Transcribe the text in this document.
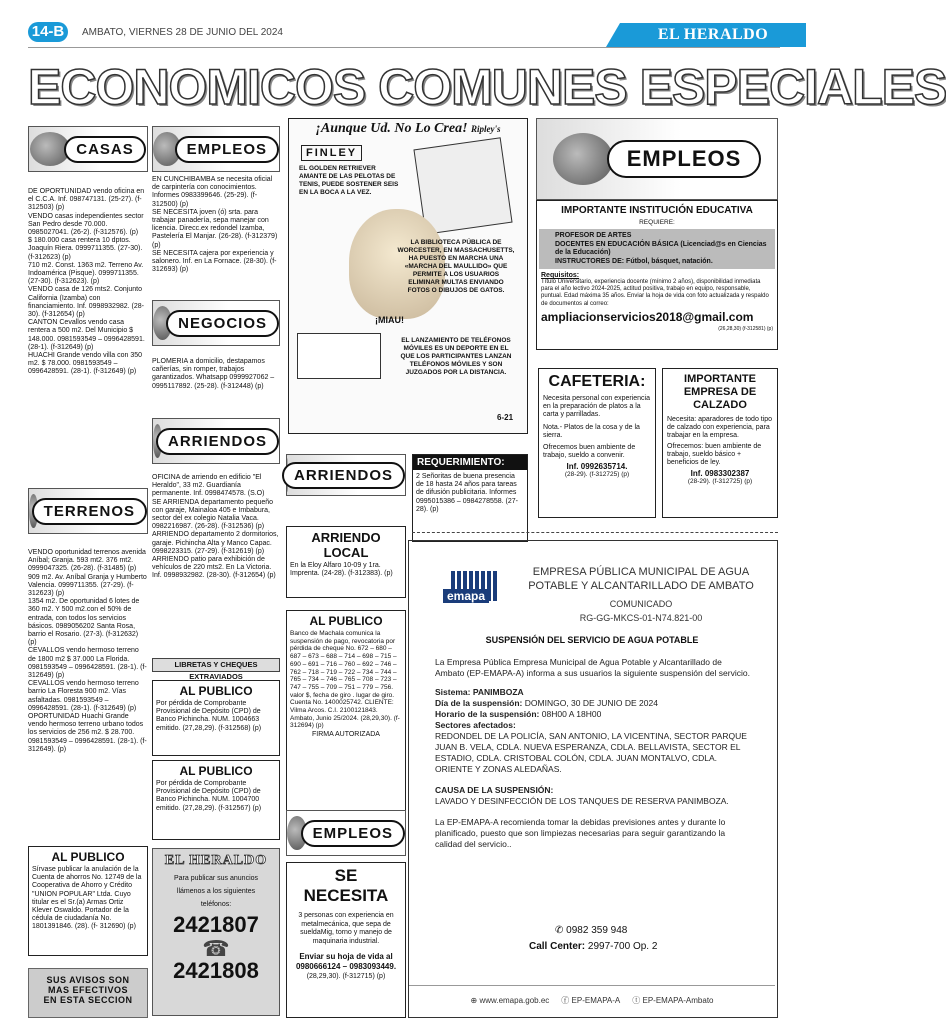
14-B	AMBATO, VIERNES 28 DE JUNIO DEL 2024	EL HERALDO
ECONOMICOS COMUNES ESPECIALES
CASAS
DE OPORTUNIDAD vendo oficina en el C.C.A. Inf. 098747131. (25-27). (f-312503) (p)
VENDO casas independientes sector San Pedro desde 70.000. 0985027041. (26-2). (f-312576). (p)
$ 180.000 casa rentera 10 dptos. Joaquín Riera. 0999711355. (27-30). (f-312623) (p)
710 m2. Const. 1363 m2. Terreno Av. Indoamérica (Pisque). 0999711355. (27-30). (f-312623). (p)
VENDO casa de 126 mts2. Conjunto California (Izamba) con financiamiento. Inf. 0998932982. (28-30). (f-312654) (p)
CANTON Cevallos vendo casa rentera a 500 m2. Del Municipio $ 148.000. 0981593549 – 0996428591. (28-1). (f-312649) (p)
HUACHI Grande vendo villa con 350 m2. $ 78.000. 0981593549 – 0996428591. (28-1). (f-312649) (p)
TERRENOS
VENDO oportunidad terrenos avenida Aníbal; Granja. 593 mt2. 376 mt2. 0999047325. (26-28). (f-31485) (p)
909 m2. Av. Aníbal Granja y Humberto Valencia. 0999711355. (27-29). (f-312623) (p)
1354 m2. De oportunidad 6 lotes de 360 m2. Y 500 m2.con el 50% de entrada, con todos los servicios básicos. 0989056202 Santa Rosa, barrio el Rosario. (27-3). (f-312632) (p)
CEVALLOS vendo hermoso terreno de 1800 m2 $ 37.000 La Florida. 0981593549 – 0996428591. (28-1). (f-312649) (p)
CEVALLOS vendo hermoso terreno barrio La Floresta 900 m2. Vías asfaltadas. 0981593549 – 0996428591. (28-1). (f-312649) (p)
OPORTUNIDAD Huachi Grande vendo hermoso terreno urbano todos los servicios de 256 m2. $ 28.700. 0981593549 – 0996428591. (28-1). (f-312649). (p)
AL PUBLICO
Sírvase publicar la anulación de la Cuenta de ahorros No. 12749 de la Cooperativa de Ahorro y Crédito "UNION POPULAR" Ltda. Cuyo titular es el Sr.(a) Armas Ortiz Klever Oswaldo. Portador de la cédula de ciudadanía No. 1801391846. (28). (f- 312690) (p)
SUS AVISOS SON MAS EFECTIVOS EN ESTA SECCION
EMPLEOS
EN CUNCHIBAMBA se necesita oficial de carpintería con conocimientos. Informes 0983399646. (25-29). (f-312500) (p)
SE NECESITA joven (ó) srta. para trabajar panadería, sepa manejar con licencia. Direcc.ex redondel Izamba, Pastelería El Manjar. (26-28). (f-312379) (p)
SE NECESITA cajera por experiencia y salonero. Inf. en La Fornace. (28-30). (f-312693) (p)
NEGOCIOS
PLOMERIA a domicilio, destapamos cañerías, sin romper, trabajos garantizados. Whatsapp 0999927062 – 0995117892. (25-28). (f-312448) (p)
ARRIENDOS
OFICINA de arriendo en edificio "El Heraldo", 33 m2. Guardianía permanente. Inf. 0998474578. (S.O)
SE ARRIENDA departamento pequeño con garaje, Mainaloa 405 e Imbabura, sector del ex colegio Natalia Vaca. 0982216987. (26-28). (f-312536) (p)
ARRIENDO departamento 2 dormitorios, garaje. Pichincha Alta y Manco Capac. 0998223315. (27-29). (f-312619) (p)
ARRIENDO patio para exhibición de vehículos de 220 mts2. En La Victoria. Inf. 0998932982. (28-30). (f-312654) (p)
LIBRETAS Y CHEQUES EXTRAVIADOS
AL PUBLICO
Por pérdida de Comprobante Provisional de Depósito (CPD) de Banco Pichincha. NUM. 1004663 emitido. (27,28,29). (f-312568) (p)
AL PUBLICO
Por pérdida de Comprobante Provisional de Depósito (CPD) de Banco Pichincha. NUM. 1004700 emitido. (27,28,29). (f-312567) (p)
EL HERALDO
Para publicar sus anuncios
llámenos a los siguientes
teléfonos:
2421807
☎
2421808
¡Aunque Ud. No Lo Crea! Ripley's
FINLEY
EL GOLDEN RETRIEVER AMANTE DE LAS PELOTAS DE TENIS, PUEDE SOSTENER SEIS EN LA BOCA A LA VEZ.
¡MIAU!
LA BIBLIOTECA PÚBLICA DE WORCESTER, EN MASSACHUSETTS, HA PUESTO EN MARCHA UNA «MARCHA DEL MAULLIDO» QUE PERMITE A LOS USUARIOS ELIMINAR MULTAS ENVIANDO FOTOS O DIBUJOS DE GATOS.
EL LANZAMIENTO DE TELÉFONOS MÓVILES ES UN DEPORTE EN EL QUE LOS PARTICIPANTES LANZAN TELÉFONOS MÓVILES Y SON JUZGADOS POR LA DISTANCIA.
6-21
ARRIENDOS
ARRIENDO LOCAL
En la Eloy Alfaro 10-09 y 1ra. Imprenta. (24-28). (f-312383). (p)
AL PUBLICO
Banco de Machala comunica la suspensión de pago, revocatoria por pérdida de cheque No. 672 – 680 – 687 – 673 – 688 – 714 – 698 – 715 – 690 – 691 – 716 – 760 – 692 – 746 – 762 – 718 – 719 – 722 – 734 – 744 – 765 – 734 – 746 – 765 – 708 – 723 – 747 – 755 – 709 – 751 – 779 – 756. valor $, fecha de giro . lugar de giro. Cuenta No. 1400025742. CLIENTE: Vilma Arcos. C.I. 2100121843. Ambato, Junio 25/2024. (28,29,30). (f-312694) (p)
FIRMA AUTORIZADA
EMPLEOS
SE NECESITA
3 personas con experiencia en metalmecánica, que sepa de sueldaMig, torno y manejo de maquinaria industrial.
Enviar su hoja de vida al 0980666124 – 0983093449.
(28,29,30). (f-312715) (p)
REQUERIMIENTO:
2 Señoritas de buena presencia de 18 hasta 24 años para tareas de difusión publicitaria. Informes 0995015386 – 0984278558. (27-28). (p)
EMPLEOS
IMPORTANTE INSTITUCIÓN EDUCATIVA
REQUIERE:
PROFESOR DE ARTES
DOCENTES EN EDUCACIÓN BÁSICA (Licenciad@s en Ciencias de la Educación)
INSTRUCTORES DE: Fútbol, básquet, natación.
Requisitos:
Título Universitario, experiencia docente (mínimo 2 años), disponibilidad inmediata para el año lectivo 2024-2025, actitud positiva, trabajo en equipo, responsable, puntual. Edad máxima 35 años. Enviar la hoja de vida con foto actualizada y respaldo de documentos al correo:
ampliacionservicios2018@gmail.com
(26,28,30) (f-312581) (p)
CAFETERIA:
Necesita personal con experiencia en la preparación de platos a la carta y parrilladas.
Nota.- Platos de la cosa y de la sierra.
Ofrecemos buen ambiente de trabajo, sueldo a convenir.
Inf. 0992635714.
(28-29). (f-312725) (p)
IMPORTANTE EMPRESA DE CALZADO
Necesita: aparadores de todo tipo de calzado con experiencia, para trabajar en la empresa.
Ofrecemos: buen ambiente de trabajo, sueldo básico + beneficios de ley.
Inf. 0983302387
(28-29). (f-312725) (p)
emapa
EMPRESA PÚBLICA MUNICIPAL DE AGUA
POTABLE Y ALCANTARILLADO DE AMBATO
COMUNICADO
RG-GG-MKCS-01-N74.821-00
SUSPENSIÓN DEL SERVICIO DE AGUA POTABLE
La Empresa Pública Empresa Municipal de Agua Potable y Alcantarillado de Ambato (EP-EMAPA-A) informa a sus usuarios la siguiente suspensión del servicio.
Sistema: PANIMBOZA
Día de la suspensión: DOMINGO, 30 DE JUNIO DE 2024
Horario de la suspensión: 08H00 A 18H00
Sectores afectados:
REDONDEL DE LA POLICÍA, SAN ANTONIO, LA VICENTINA, SECTOR PARQUE JUAN B. VELA, CDLA. NUEVA ESPERANZA, CDLA. BELLAVISTA, SECTOR EL ESTADIO, CDLA. CRISTOBAL COLÓN, CDLA. JUAN MONTALVO, CDLA. ORIENTE Y ZONAS ALEDAÑAS.
CAUSA DE LA SUSPENSIÓN:
LAVADO Y DESINFECCIÓN DE LOS TANQUES DE RESERVA PANIMBOZA.
La EP-EMAPA-A recomienda tomar la debidas previsiones antes y durante lo planificado, puesto que son limpiezas necesarias para seguir garantizando la calidad del servicio..
✆ 0982 359 948
Call Center: 2997-700 Op. 2
⊕ www.emapa.gob.ec ⓕ EP-EMAPA-A ⓣ EP-EMAPA-Ambato
